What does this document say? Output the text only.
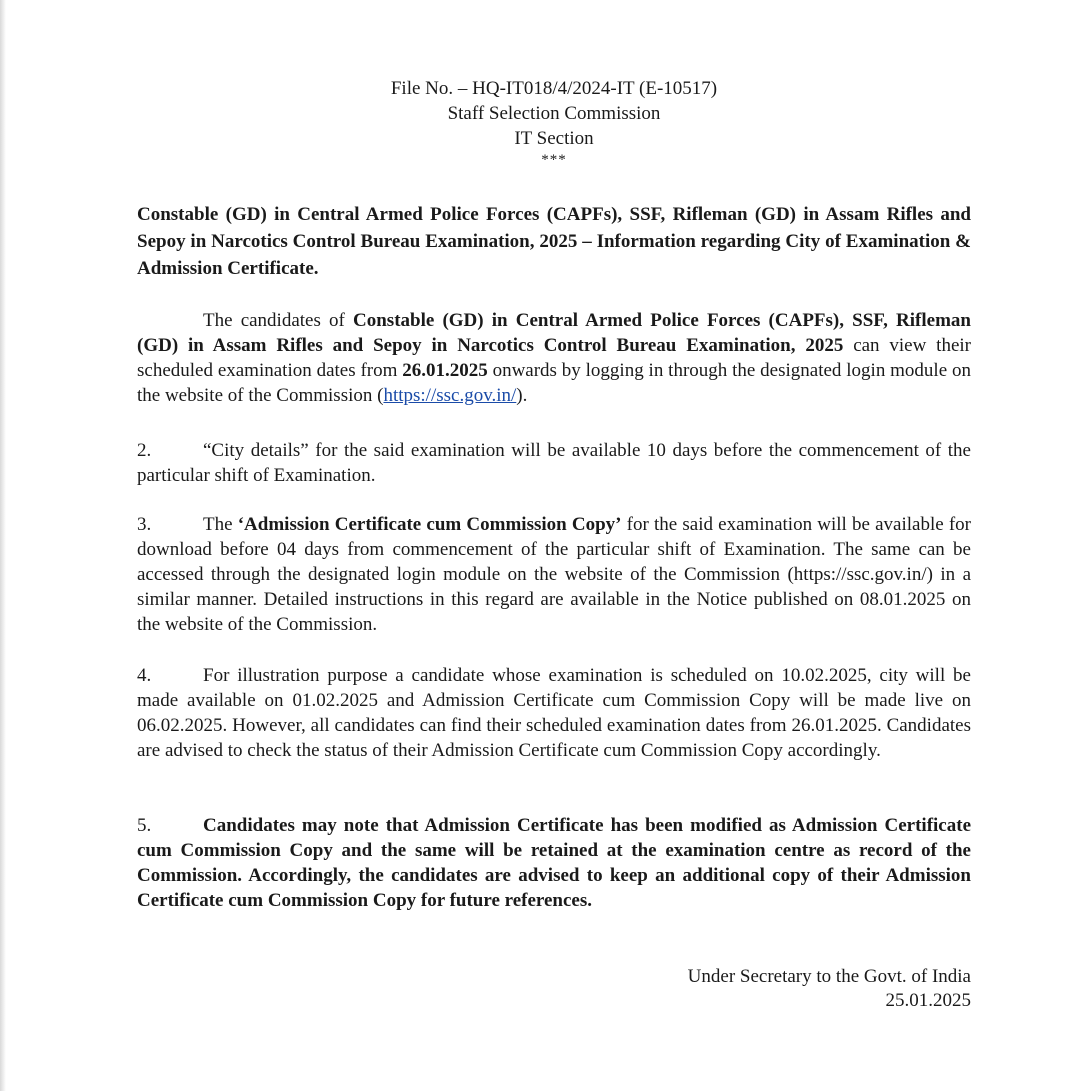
File No. – HQ-IT018/4/2024-IT (E-10517)
Staff Selection Commission
IT Section
***
Constable (GD) in Central Armed Police Forces (CAPFs), SSF, Rifleman (GD) in Assam Rifles and Sepoy in Narcotics Control Bureau Examination, 2025 – Information regarding City of Examination & Admission Certificate.
The candidates of Constable (GD) in Central Armed Police Forces (CAPFs), SSF, Rifleman (GD) in Assam Rifles and Sepoy in Narcotics Control Bureau Examination, 2025 can view their scheduled examination dates from 26.01.2025 onwards by logging in through the designated login module on the website of the Commission (https://ssc.gov.in/).
2.	“City details” for the said examination will be available 10 days before the commencement of the particular shift of Examination.
3.	The ‘Admission Certificate cum Commission Copy’ for the said examination will be available for download before 04 days from commencement of the particular shift of Examination. The same can be accessed through the designated login module on the website of the Commission (https://ssc.gov.in/) in a similar manner. Detailed instructions in this regard are available in the Notice published on 08.01.2025 on the website of the Commission.
4.	For illustration purpose a candidate whose examination is scheduled on 10.02.2025, city will be made available on 01.02.2025 and Admission Certificate cum Commission Copy will be made live on 06.02.2025. However, all candidates can find their scheduled examination dates from 26.01.2025. Candidates are advised to check the status of their Admission Certificate cum Commission Copy accordingly.
5.	Candidates may note that Admission Certificate has been modified as Admission Certificate cum Commission Copy and the same will be retained at the examination centre as record of the Commission. Accordingly, the candidates are advised to keep an additional copy of their Admission Certificate cum Commission Copy for future references.
Under Secretary to the Govt. of India
25.01.2025
